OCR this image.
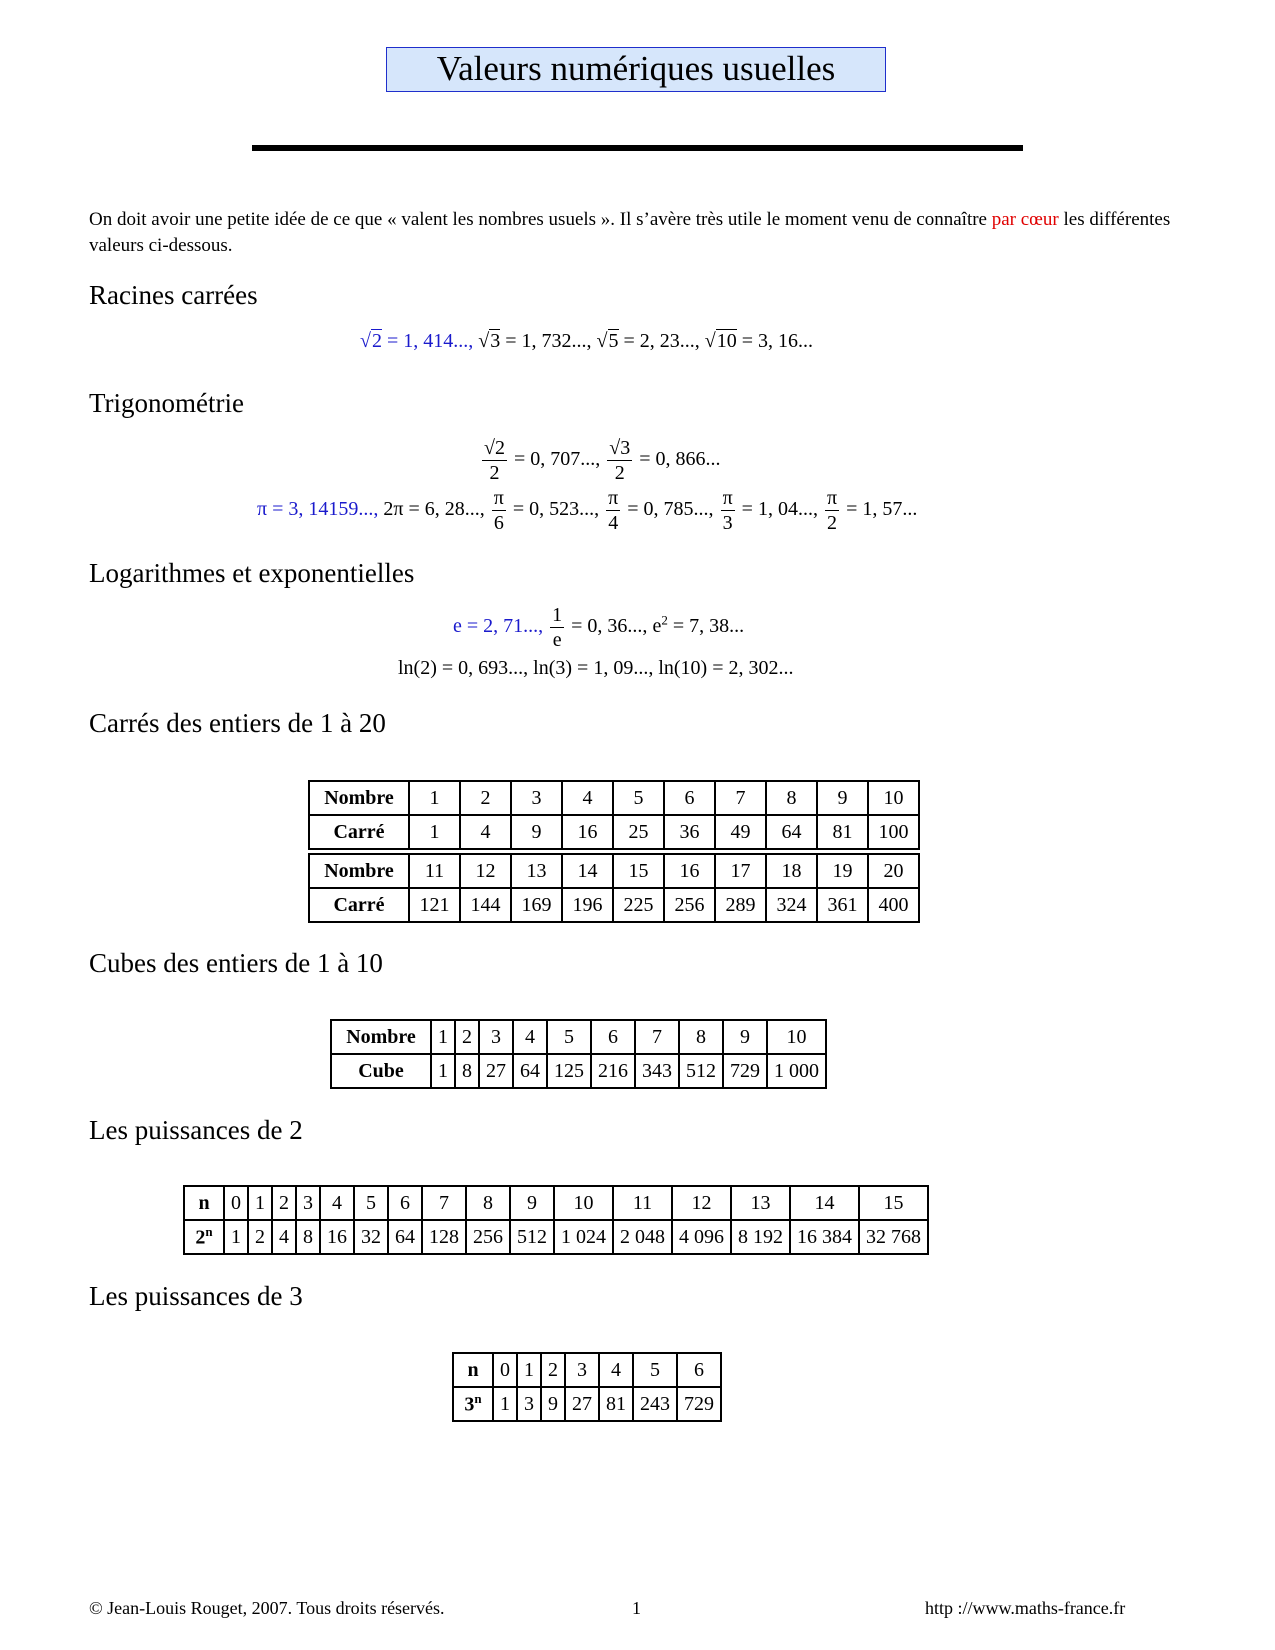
Valeurs numériques usuelles
On doit avoir une petite idée de ce que « valent les nombres usuels ». Il s’avère très utile le moment venu de connaître par cœur les différentes valeurs ci-dessous.
Racines carrées
√2 = 1, 414..., √3 = 1, 732..., √5 = 2, 23..., √10 = 3, 16...
Trigonométrie
$\frac{√2}{2} = 0$, 707..., $\frac{√3}{2} = 0$, 866...
π = 3, 14159..., 2π = 6, 28..., $\frac{\pi}{6} = 0$, 523..., $\frac{\pi}{4} = 0$, 785..., $\frac{\pi}{3} = 1$, 04..., $\frac{\pi}{2} = 1$, 57...
Logarithmes et exponentielles
e = 2, 71..., $\frac{1}{e} = 0$, 36..., $e^2 = 7$, 38...
ln(2) = 0, 693..., ln(3) = 1, 09..., ln(10) = 2, 302...
Carrés des entiers de 1 à 20
Nombre	1	2	3	4	5	6	7	8	9	10
Carré	1	4	9	16	25	36	49	64	81	100
Nombre	11	12	13	14	15	16	17	18	19	20
Carré	121	144	169	196	225	256	289	324	361	400
Cubes des entiers de 1 à 10
Nombre	1	2	3	4	5	6	7	8	9	10
Cube	1	8	27	64	125	216	343	512	729	1 000
Les puissances de 2
n	0	1	2	3	4	5	6	7	8	9	10	11	12	13	14	15
2$^n$	1	2	4	8	16	32	64	128	256	512	1 024	2 048	4 096	8 192	16 384	32 768
Les puissances de 3
n	0	1	2	3	4	5	6
3$^n$	1	3	9	27	81	243	729
© Jean-Louis Rouget, 2007. Tous droits réservés.	1	http ://www.maths-france.fr
